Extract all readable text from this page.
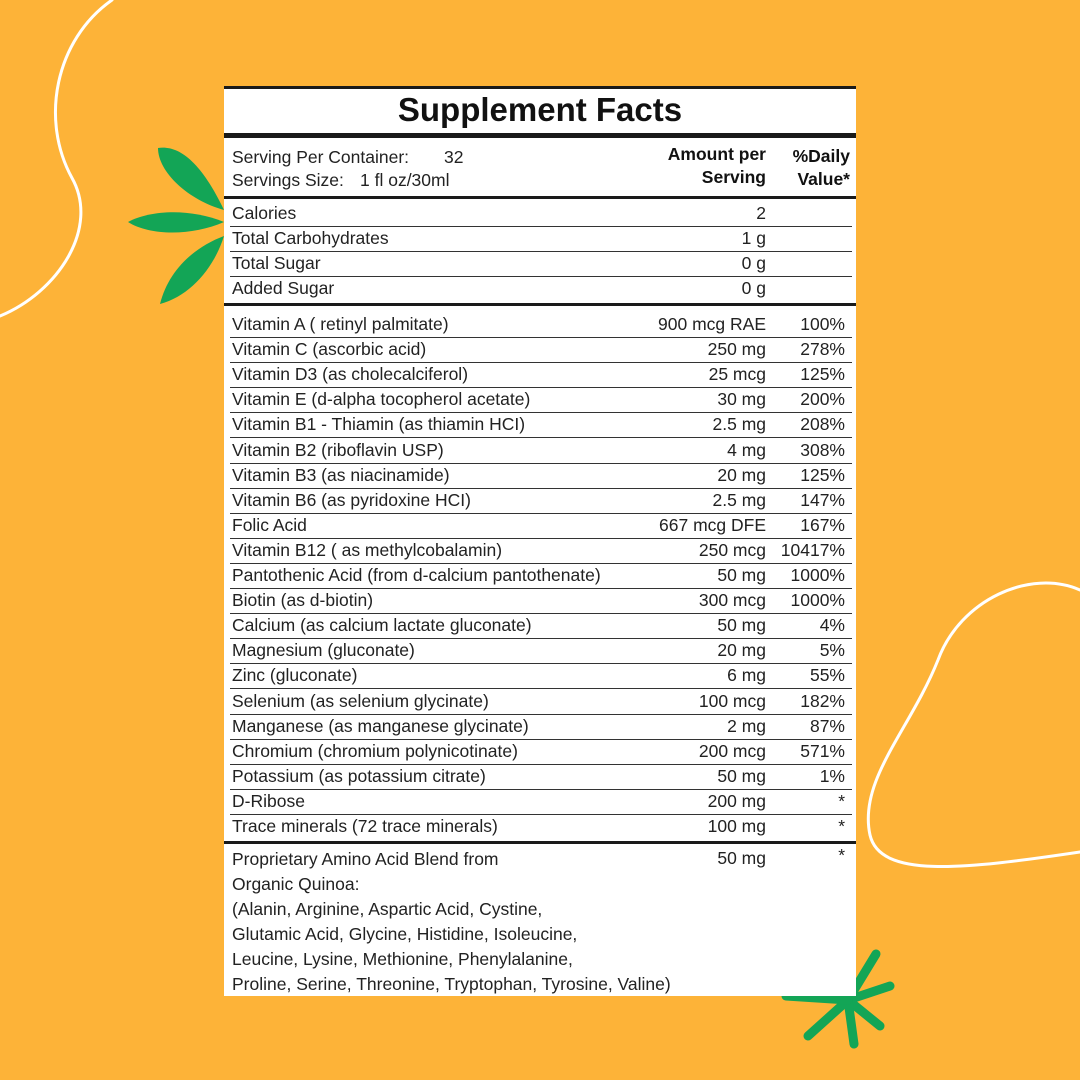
Supplement Facts
Serving Per Container: 32
Servings Size: 1 fl oz/30ml
Amount per
Serving
%Daily
Value*
Calories	2
Total Carbohydrates	1 g
Total Sugar	0 g
Added Sugar	0 g
Vitamin A ( retinyl palmitate)	900 mcg RAE 100%
Vitamin C (ascorbic acid)	250 mg 278%
Vitamin D3 (as cholecalciferol)	25 mcg 125%
Vitamin E (d-alpha tocopherol acetate)	30 mg 200%
Vitamin B1 - Thiamin (as thiamin HCI)	2.5 mg 208%
Vitamin B2 (riboflavin USP)	4 mg 308%
Vitamin B3 (as niacinamide)	20 mg 125%
Vitamin B6 (as pyridoxine HCI)	2.5 mg 147%
Folic Acid	667 mcg DFE 167%
Vitamin B12 ( as methylcobalamin)	250 mcg 10417%
Pantothenic Acid (from d-calcium pantothenate)	50 mg 1000%
Biotin (as d-biotin)	300 mcg 1000%
Calcium (as calcium lactate gluconate)	50 mg	4%
Magnesium (gluconate)	20 mg	5%
Zinc (gluconate)	6 mg	55%
Selenium (as selenium glycinate)	100 mcg 182%
Manganese (as manganese glycinate)	2 mg	87%
Chromium (chromium polynicotinate)	200 mcg 571%
Potassium (as potassium citrate)	50 mg	1%
D-Ribose	200 mg	*
Trace minerals (72 trace minerals)	100 mg	*
Proprietary Amino Acid Blend from
Organic Quinoa:
(Alanin, Arginine, Aspartic Acid, Cystine,
Glutamic Acid, Glycine, Histidine, Isoleucine,
Leucine, Lysine, Methionine, Phenylalanine,
Proline, Serine, Threonine, Tryptophan, Tyrosine, Valine)
50 mg	*
